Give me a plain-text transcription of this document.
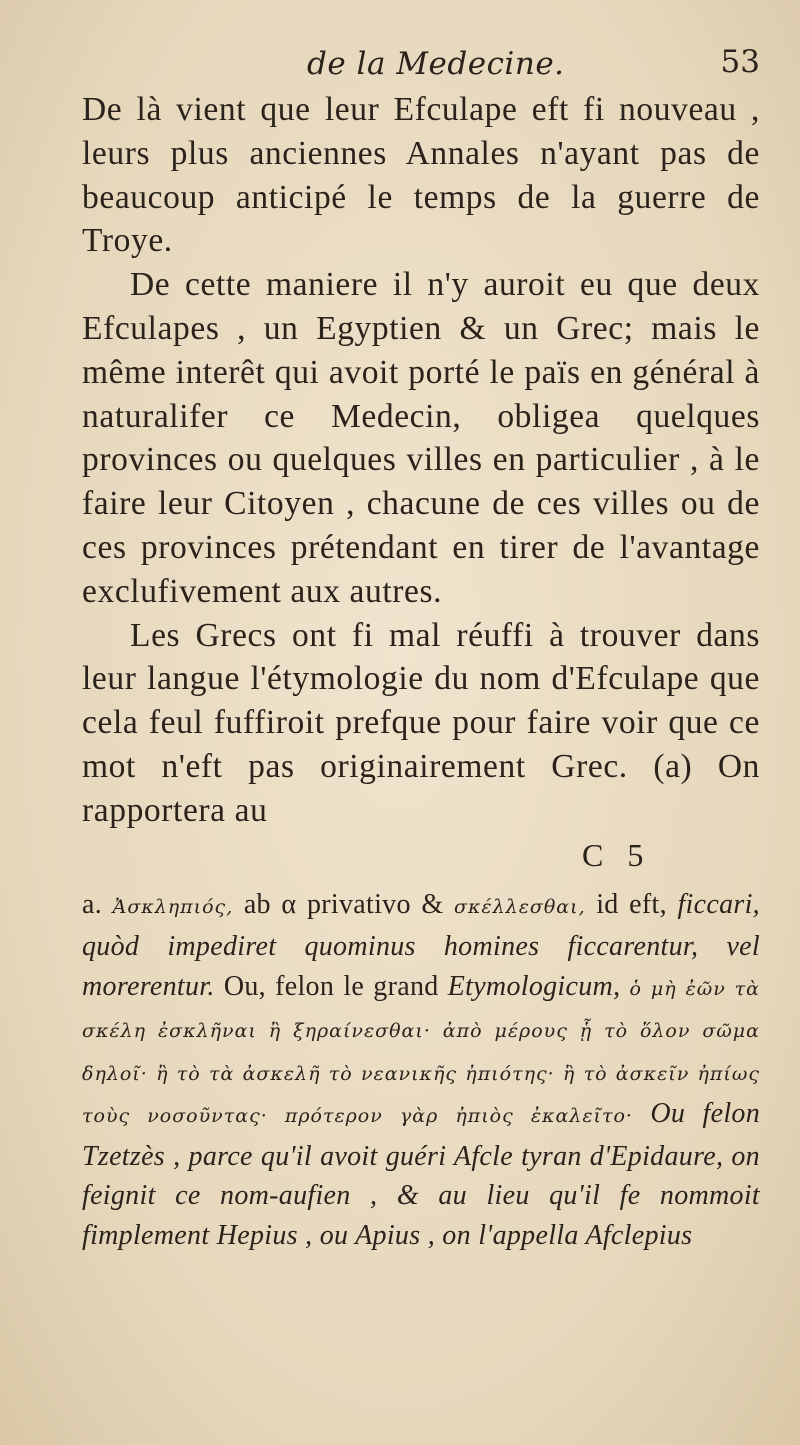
de la Medecine.	53

De là vient que leur Efculape eft fi nouveau , leurs plus anciennes Annales n'ayant pas de beaucoup anticipé le temps de la guerre de Troye.

De cette maniere il n'y auroit eu que deux Efculapes , un Egyptien & un Grec; mais le même interêt qui avoit porté le païs en général à naturalifer ce Medecin, obligea quelques provinces ou quelques villes en particulier , à le faire leur Citoyen , chacune de ces villes ou de ces provinces prétendant en tirer de l'avantage exclufivement aux autres.

Les Grecs ont fi mal réuffi à trouver dans leur langue l'étymologie du nom d'Efculape que cela feul fuffiroit prefque pour faire voir que ce mot n'eft pas originairement Grec. (a) On rapportera au

C 5

a. Ἀσκληπιός, ab α privativo & σκέλλεσθαι, id eft, ficcari, quòd impediret quominus homines ficcarentur, vel morerentur. Ou, felon le grand Etymologicum, ὁ μὴ ἐῶν τὰ σκέλη ἐσκλῆναι ἢ ξηραίνεσθαι· ἀπὸ μέρους ᾗ τὸ ὅλον σῶμα δηλοῖ· ἢ τὸ τὰ ἀσκελῆ τὸ νεανικῆς ἠπιότης· ἢ τὸ ἀσκεῖν ἠπίως τοὺς νοσοῦντας· πρότερον γὰρ ἠπιὸς ἐκαλεῖτο· Ou felon Tzetzès , parce qu'il avoit guéri Afcle tyran d'Epidaure, on feignit ce nom-aufien , & au lieu qu'il fe nommoit fimplement Hepius , ou Apius , on l'appella Afclepius
